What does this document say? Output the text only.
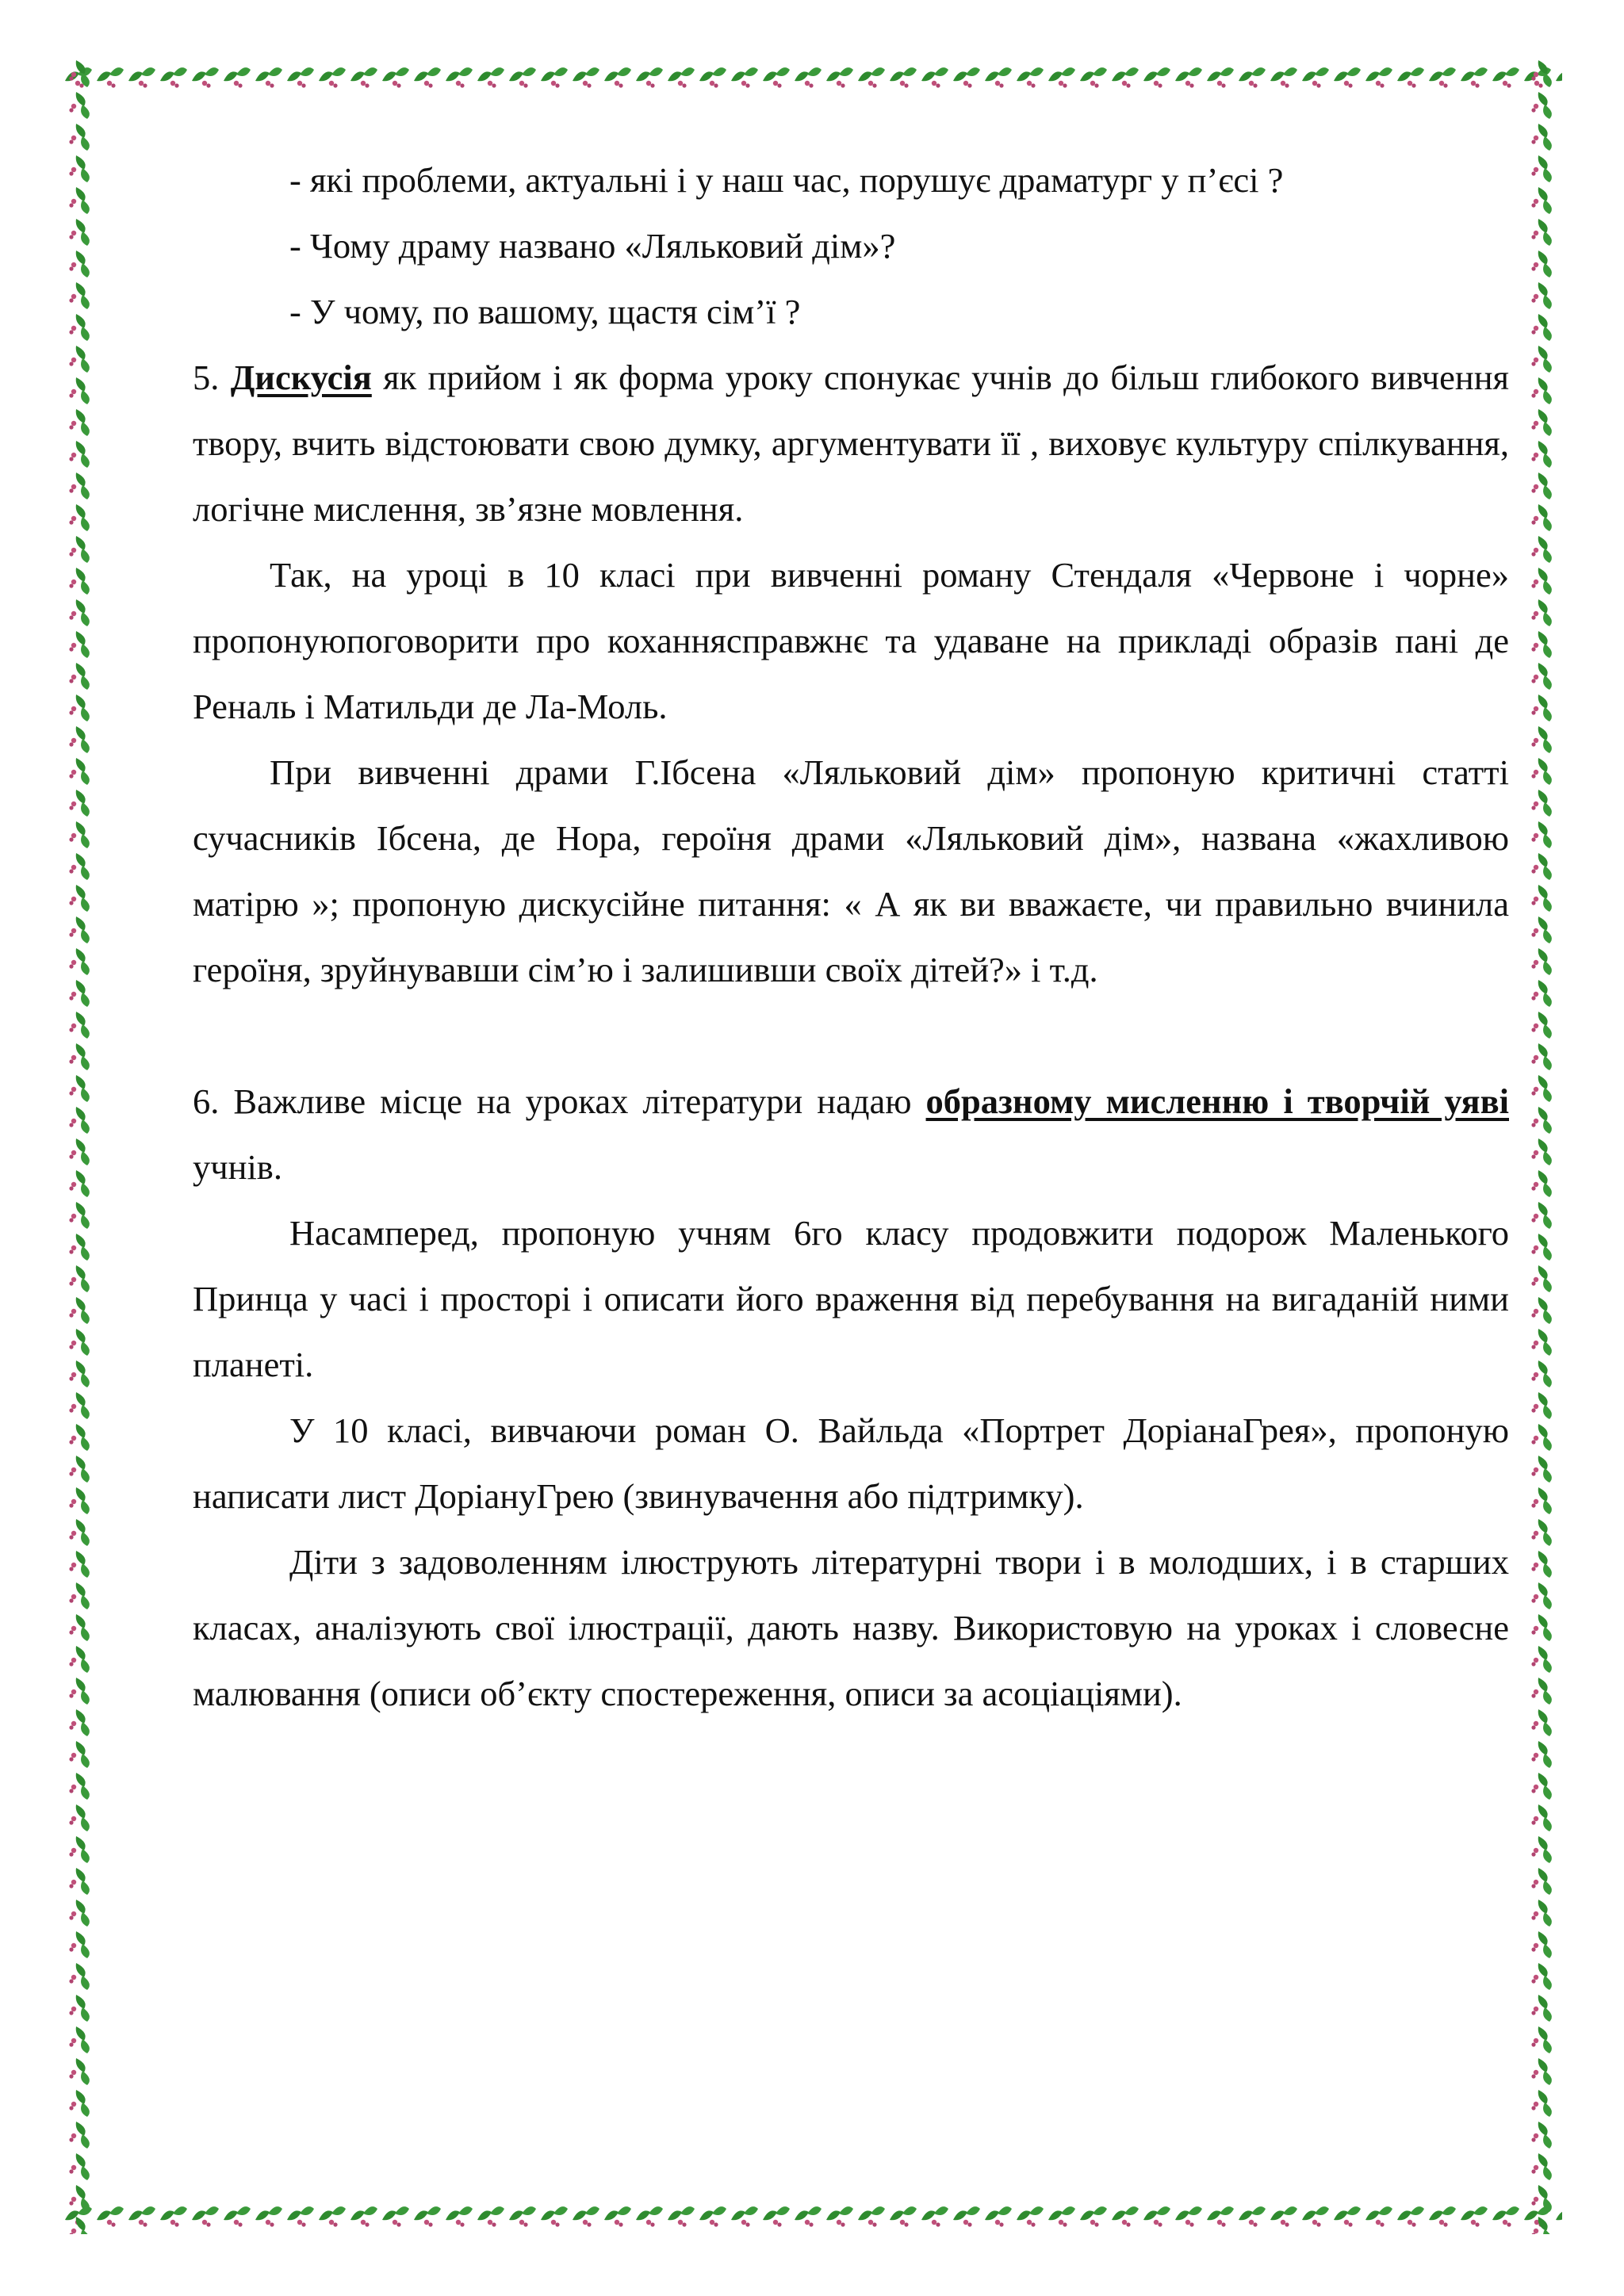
- які проблеми, актуальні і у наш час, порушує драматург у п’єсі ?

- Чому драму названо «Ляльковий дім»?

- У чому, по вашому, щастя сім’ї ?

5. Дискусія як прийом і як форма уроку спонукає учнів до більш глибокого вивчення твору, вчить відстоювати свою думку, аргументувати її , виховує культуру спілкування, логічне мислення, зв’язне мовлення.

Так, на уроці в 10 класі при вивченні роману Стендаля «Червоне і чорне» пропонуюпоговорити про коханнясправжнє та удаване на прикладі образів пані де Реналь і Матильди де Ла-Моль.

При вивченні драми Г.Ібсена «Ляльковий дім» пропоную критичні статті сучасників Ібсена, де Нора, героїня драми «Ляльковий дім», названа «жахливою матірю »; пропоную дискусійне питання: « А як ви вважаєте, чи правильно вчинила героїня, зруйнувавши сім’ю і залишивши своїх дітей?» і т.д.

6. Важливе місце на уроках літератури надаю образному мисленню і творчій уяві учнів.

Насамперед, пропоную учням 6го класу продовжити подорож Маленького Принца у часі і просторі і описати його враження від перебування на вигаданій ними планеті.

У 10 класі, вивчаючи роман О. Вайльда «Портрет ДоріанаГрея», пропоную написати лист ДоріануГрею (звинувачення або підтримку).

Діти з задоволенням ілюструють літературні твори і в молодших, і в старших класах, аналізують свої ілюстрації, дають назву. Використовую на уроках і словесне малювання (описи об’єкту спостереження, описи за асоціаціями).
